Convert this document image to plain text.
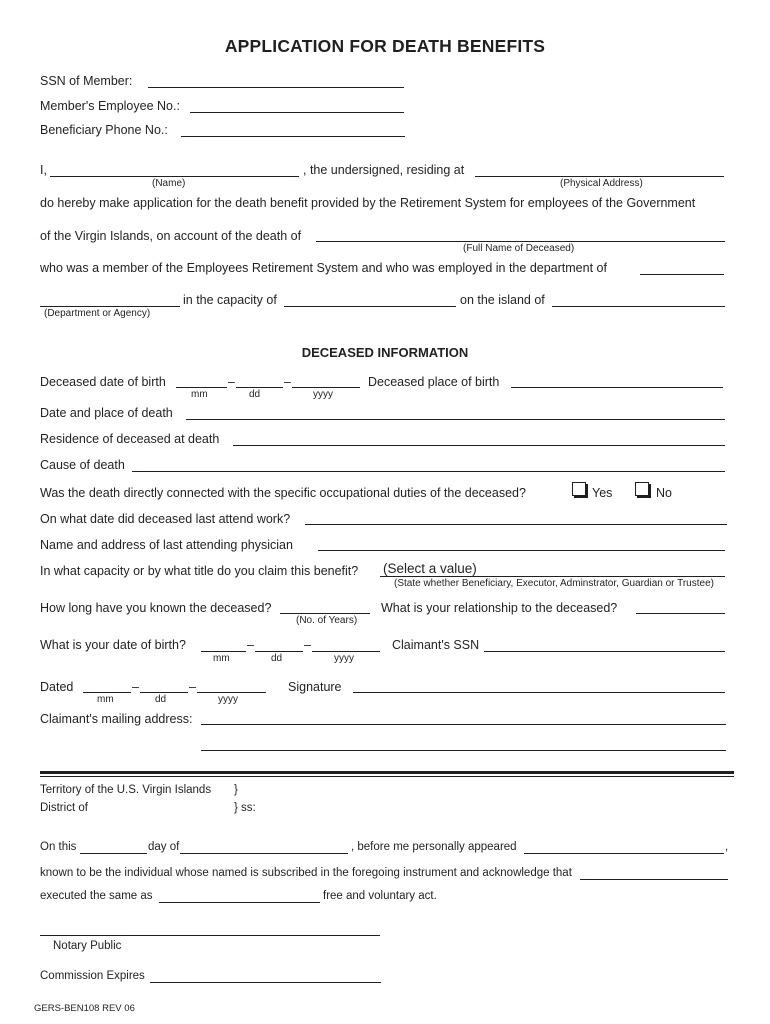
APPLICATION FOR DEATH BENEFITS
SSN of Member:
Member's Employee No.:
Beneficiary Phone No.:
I,	, the undersigned, residing at
(Name)	(Physical Address)
do hereby make application for the death benefit provided by the Retirement System for employees of the Government
of the Virgin Islands, on account of the death of
(Full Name of Deceased)
who was a member of the Employees Retirement System and who was employed in the department of
in the capacity of	on the island of
(Department or Agency)
DECEASED INFORMATION
Deceased date of birth	–	–
mm	dd	yyyy
Deceased place of birth
Date and place of death
Residence of deceased at death
Cause of death
Was the death directly connected with the specific occupational duties of the deceased?	Yes	No
On what date did deceased last attend work?
Name and address of last attending physician
In what capacity or by what title do you claim this benefit? (Select a value)
(State whether Beneficiary, Executor, Adminstrator, Guardian or Trustee)
How long have you known the deceased?
(No. of Years)
What is your relationship to the deceased?
What is your date of birth?	–	–
mm	dd	yyyy
Claimant's SSN
Dated	–	–
mm	dd	yyyy
Signature
Claimant's mailing address:
Territory of the U.S. Virgin Islands }
District of	} ss:
On this	day of	, before me personally appeared	,
known to be the individual whose named is subscribed in the foregoing instrument and acknowledge that
executed the same as	free and voluntary act.
Notary Public
Commission Expires
GERS-BEN108 REV 06
